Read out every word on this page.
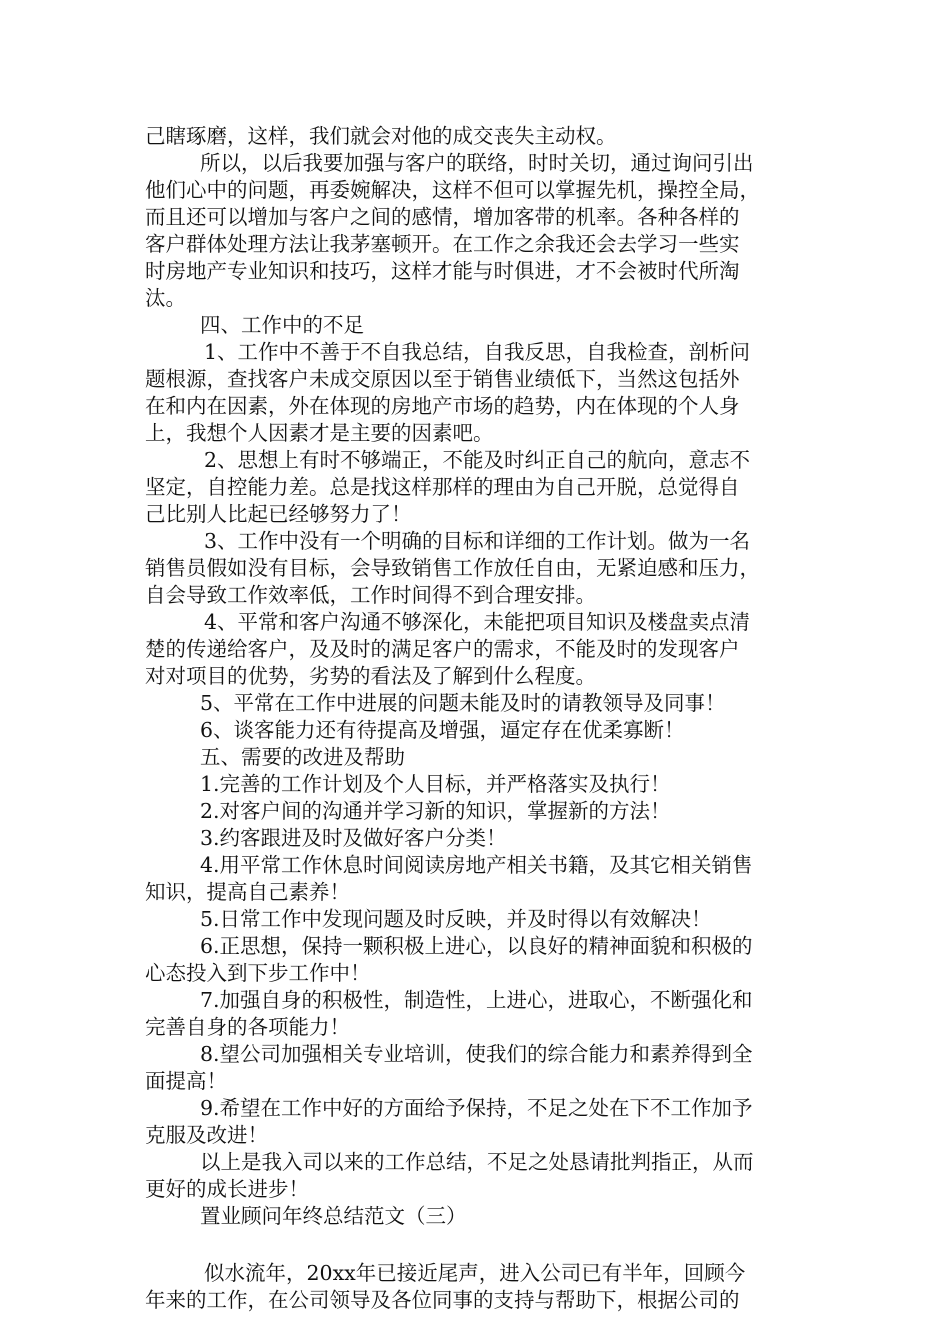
己瞎琢磨，这样，我们就会对他的成交丧失主动权。
所以，以后我要加强与客户的联络，时时关切，通过询问引出
他们心中的问题，再委婉解决，这样不但可以掌握先机，操控全局，
而且还可以增加与客户之间的感情，增加客带的机率。各种各样的
客户群体处理方法让我茅塞顿开。在工作之余我还会去学习一些实
时房地产专业知识和技巧，这样才能与时俱进，才不会被时代所淘
汰。
四、工作中的不足
1、工作中不善于不自我总结，自我反思，自我检查，剖析问
题根源，查找客户未成交原因以至于销售业绩低下，当然这包括外
在和内在因素，外在体现的房地产市场的趋势，内在体现的个人身
上，我想个人因素才是主要的因素吧。
2、思想上有时不够端正，不能及时纠正自己的航向，意志不
坚定，自控能力差。总是找这样那样的理由为自己开脱，总觉得自
己比别人比起已经够努力了！
3、工作中没有一个明确的目标和详细的工作计划。做为一名
销售员假如没有目标，会导致销售工作放任自由，无紧迫感和压力，
自会导致工作效率低，工作时间得不到合理安排。
4、平常和客户沟通不够深化，未能把项目知识及楼盘卖点清
楚的传递给客户，及及时的满足客户的需求，不能及时的发现客户
对对项目的优势，劣势的看法及了解到什么程度。
5、平常在工作中进展的问题未能及时的请教领导及同事！
6、谈客能力还有待提高及增强，逼定存在优柔寡断！
五、需要的改进及帮助
1.完善的工作计划及个人目标，并严格落实及执行！
2.对客户间的沟通并学习新的知识，掌握新的方法！
3.约客跟进及时及做好客户分类！
4.用平常工作休息时间阅读房地产相关书籍，及其它相关销售
知识，提高自己素养！
5.日常工作中发现问题及时反映，并及时得以有效解决！
6.正思想，保持一颗积极上进心，以良好的精神面貌和积极的
心态投入到下步工作中！
7.加强自身的积极性，制造性，上进心，进取心，不断强化和
完善自身的各项能力！
8.望公司加强相关专业培训，使我们的综合能力和素养得到全
面提高！
9.希望在工作中好的方面给予保持，不足之处在下不工作加予
克服及改进！
以上是我入司以来的工作总结，不足之处恳请批判指正，从而
更好的成长进步！
置业顾问年终总结范文（三）
似水流年，20xx年已接近尾声，进入公司已有半年，回顾今
年来的工作，在公司领导及各位同事的支持与帮助下，根据公司的
